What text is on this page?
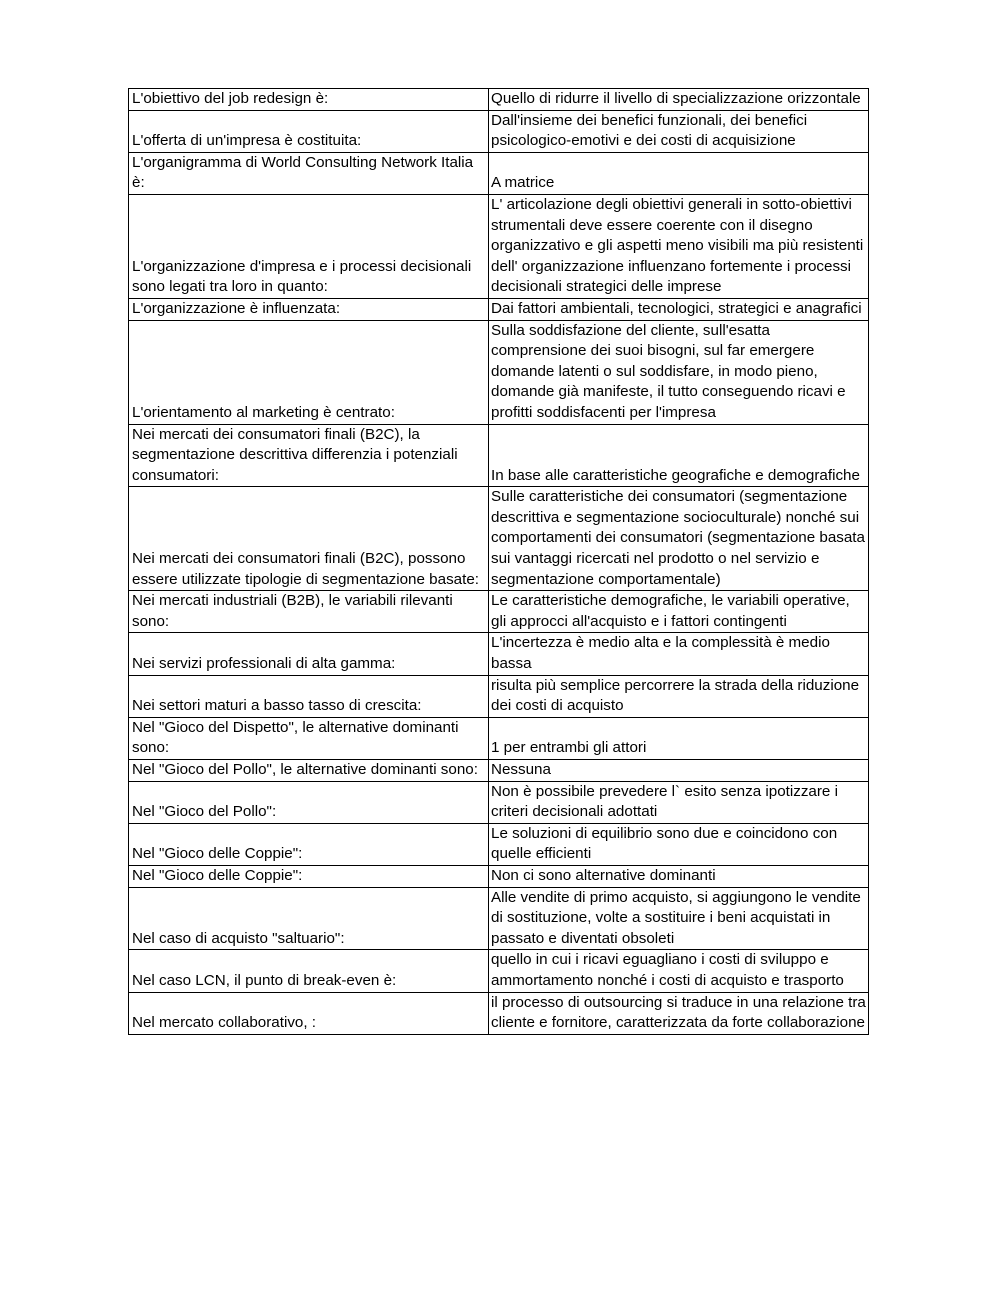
L'obiettivo del job redesign è:	Quello di ridurre il livello di specializzazione orizzontale
L'offerta di un'impresa è costituita:	Dall'insieme dei benefici funzionali, dei benefici psicologico-emotivi e dei costi di acquisizione
L'organigramma di World Consulting Network Italia è:	A matrice
L'organizzazione d'impresa e i processi decisionali sono legati tra loro in quanto:	L' articolazione degli obiettivi generali in sotto-obiettivi strumentali deve essere coerente con il disegno organizzativo e gli aspetti meno visibili ma più resistenti dell' organizzazione influenzano fortemente i processi decisionali strategici delle imprese
L'organizzazione è influenzata:	Dai fattori ambientali, tecnologici, strategici e anagrafici
L'orientamento al marketing è centrato:	Sulla soddisfazione del cliente, sull'esatta comprensione dei suoi bisogni, sul far emergere domande latenti o sul soddisfare, in modo pieno, domande già manifeste, il tutto conseguendo ricavi e profitti soddisfacenti per l'impresa
Nei mercati dei consumatori finali (B2C), la segmentazione descrittiva differenzia i potenziali consumatori:	In base alle caratteristiche geografiche e demografiche
Nei mercati dei consumatori finali (B2C), possono essere utilizzate tipologie di segmentazione basate:	Sulle caratteristiche dei consumatori (segmentazione descrittiva e segmentazione socioculturale) nonché sui comportamenti dei consumatori (segmentazione basata sui vantaggi ricercati nel prodotto o nel servizio e segmentazione comportamentale)
Nei mercati industriali (B2B), le variabili rilevanti sono:	Le caratteristiche demografiche, le variabili operative, gli approcci all'acquisto e i fattori contingenti
Nei servizi professionali di alta gamma:	L'incertezza è medio alta e la complessità è medio bassa
Nei settori maturi a basso tasso di crescita:	risulta più semplice percorrere la strada della riduzione dei costi di acquisto
Nel "Gioco del Dispetto", le alternative dominanti sono:	1 per entrambi gli attori
Nel "Gioco del Pollo", le alternative dominanti sono:	Nessuna
Nel "Gioco del Pollo":	Non è possibile prevedere l` esito senza ipotizzare i criteri decisionali adottati
Nel "Gioco delle Coppie":	Le soluzioni di equilibrio sono due e coincidono con quelle efficienti
Nel "Gioco delle Coppie":	Non ci sono alternative dominanti
Nel caso di acquisto "saltuario":	Alle vendite di primo acquisto, si aggiungono le vendite di sostituzione, volte a sostituire i beni acquistati in passato e diventati obsoleti
Nel caso LCN, il punto di break-even è:	quello in cui i ricavi eguagliano i costi di sviluppo e ammortamento nonché i costi di acquisto e trasporto
Nel mercato collaborativo, :	il processo di outsourcing si traduce in una relazione tra cliente e fornitore, caratterizzata da forte collaborazione
